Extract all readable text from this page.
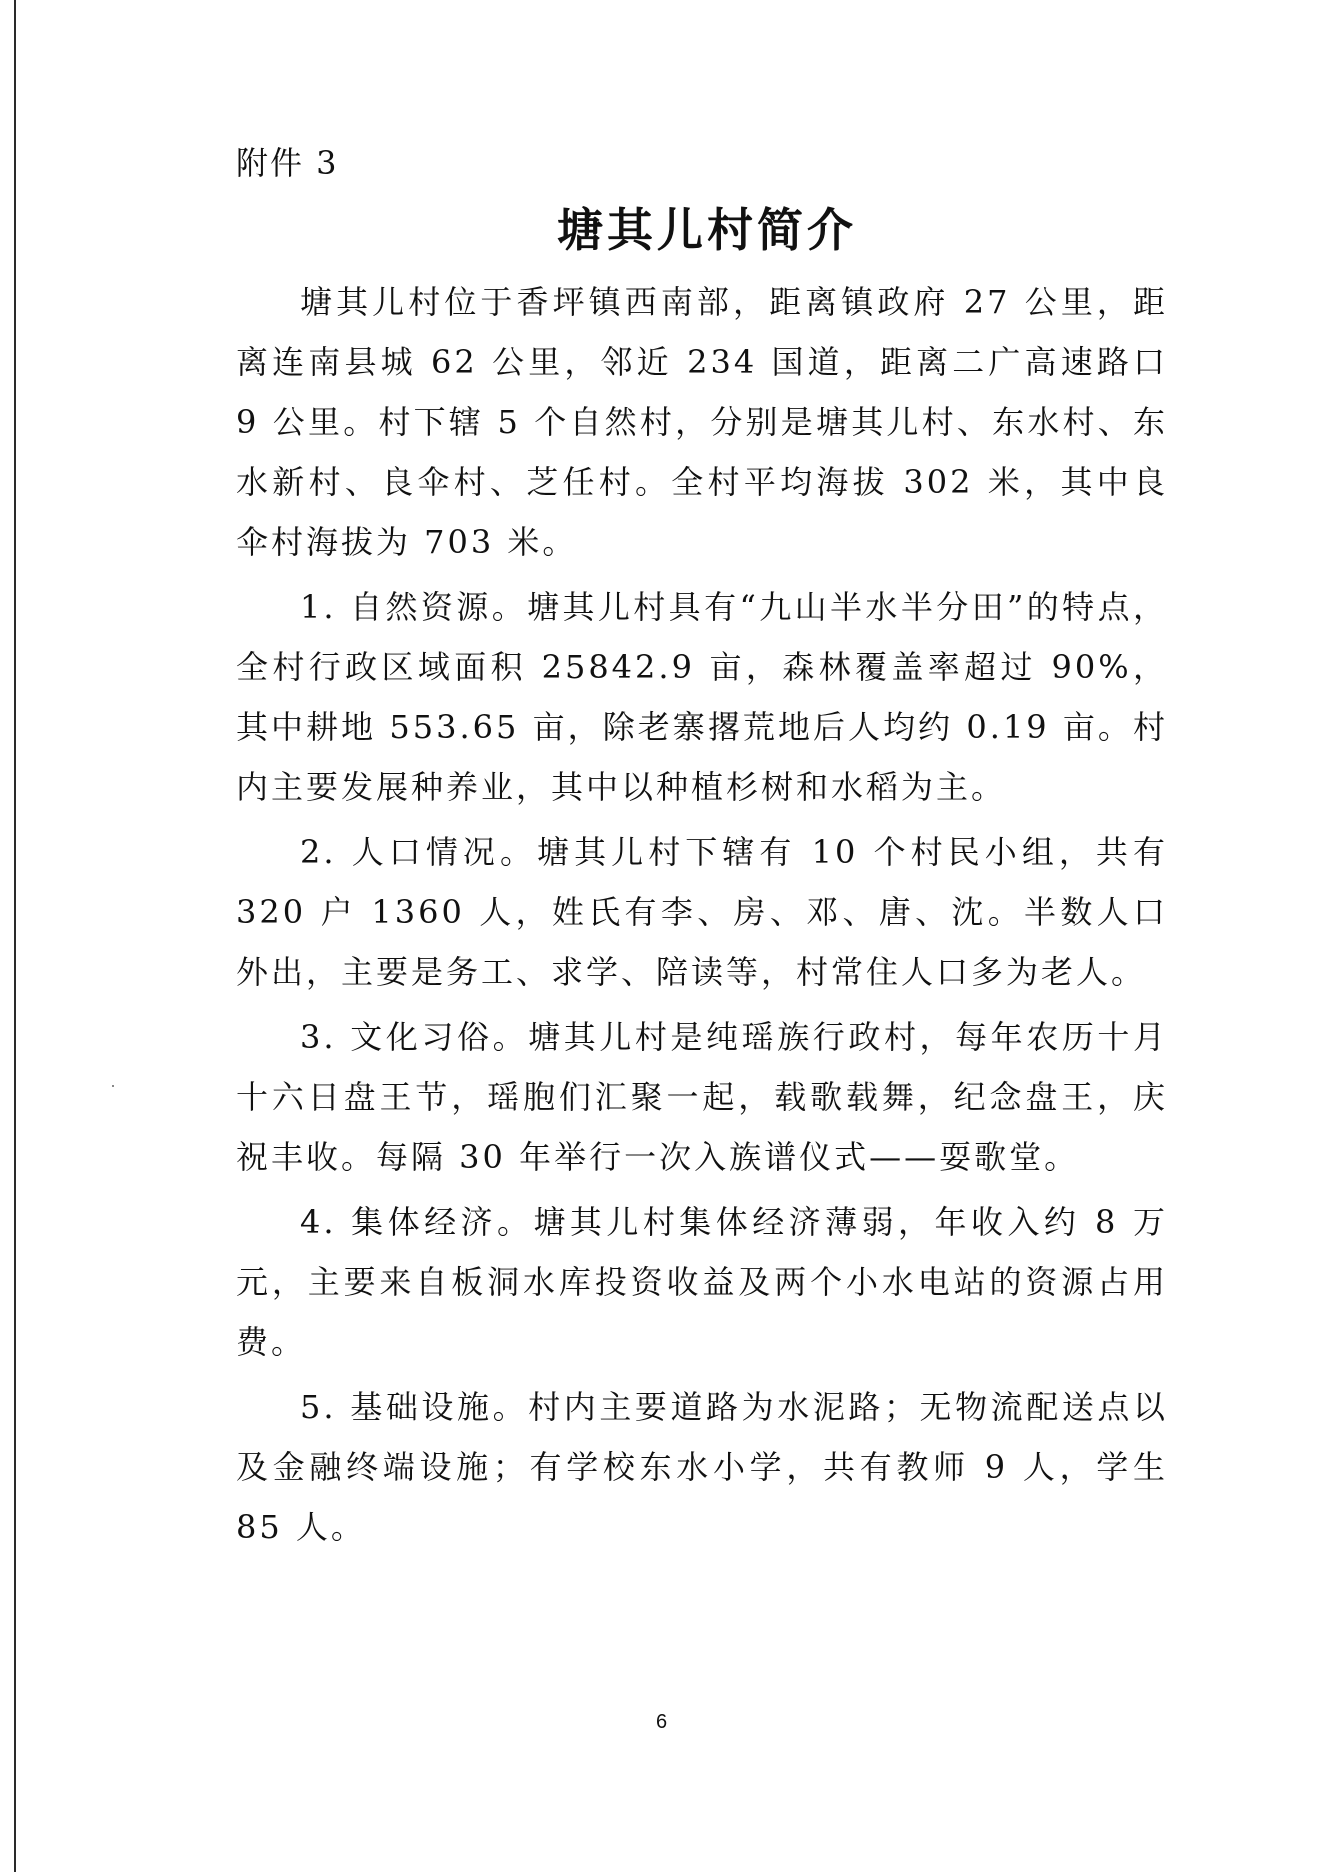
附件 3
塘其儿村简介

塘其儿村位于香坪镇西南部，距离镇政府 27 公里，距离连南县城 62 公里，邻近 234 国道，距离二广高速路口 9 公里。村下辖 5 个自然村，分别是塘其儿村、东水村、东水新村、良伞村、芝任村。全村平均海拔 302 米，其中良伞村海拔为 703 米。

1. 自然资源。塘其儿村具有“九山半水半分田”的特点，全村行政区域面积 25842.9 亩，森林覆盖率超过 90%，其中耕地 553.65 亩，除老寨撂荒地后人均约 0.19 亩。村内主要发展种养业，其中以种植杉树和水稻为主。

2. 人口情况。塘其儿村下辖有 10 个村民小组，共有 320 户 1360 人，姓氏有李、房、邓、唐、沈。半数人口外出，主要是务工、求学、陪读等，村常住人口多为老人。

3. 文化习俗。塘其儿村是纯瑶族行政村，每年农历十月十六日盘王节，瑶胞们汇聚一起，载歌载舞，纪念盘王，庆祝丰收。每隔 30 年举行一次入族谱仪式——耍歌堂。

4. 集体经济。塘其儿村集体经济薄弱，年收入约 8 万元，主要来自板洞水库投资收益及两个小水电站的资源占用费。

5. 基础设施。村内主要道路为水泥路；无物流配送点以及金融终端设施；有学校东水小学，共有教师 9 人，学生 85 人。

6
